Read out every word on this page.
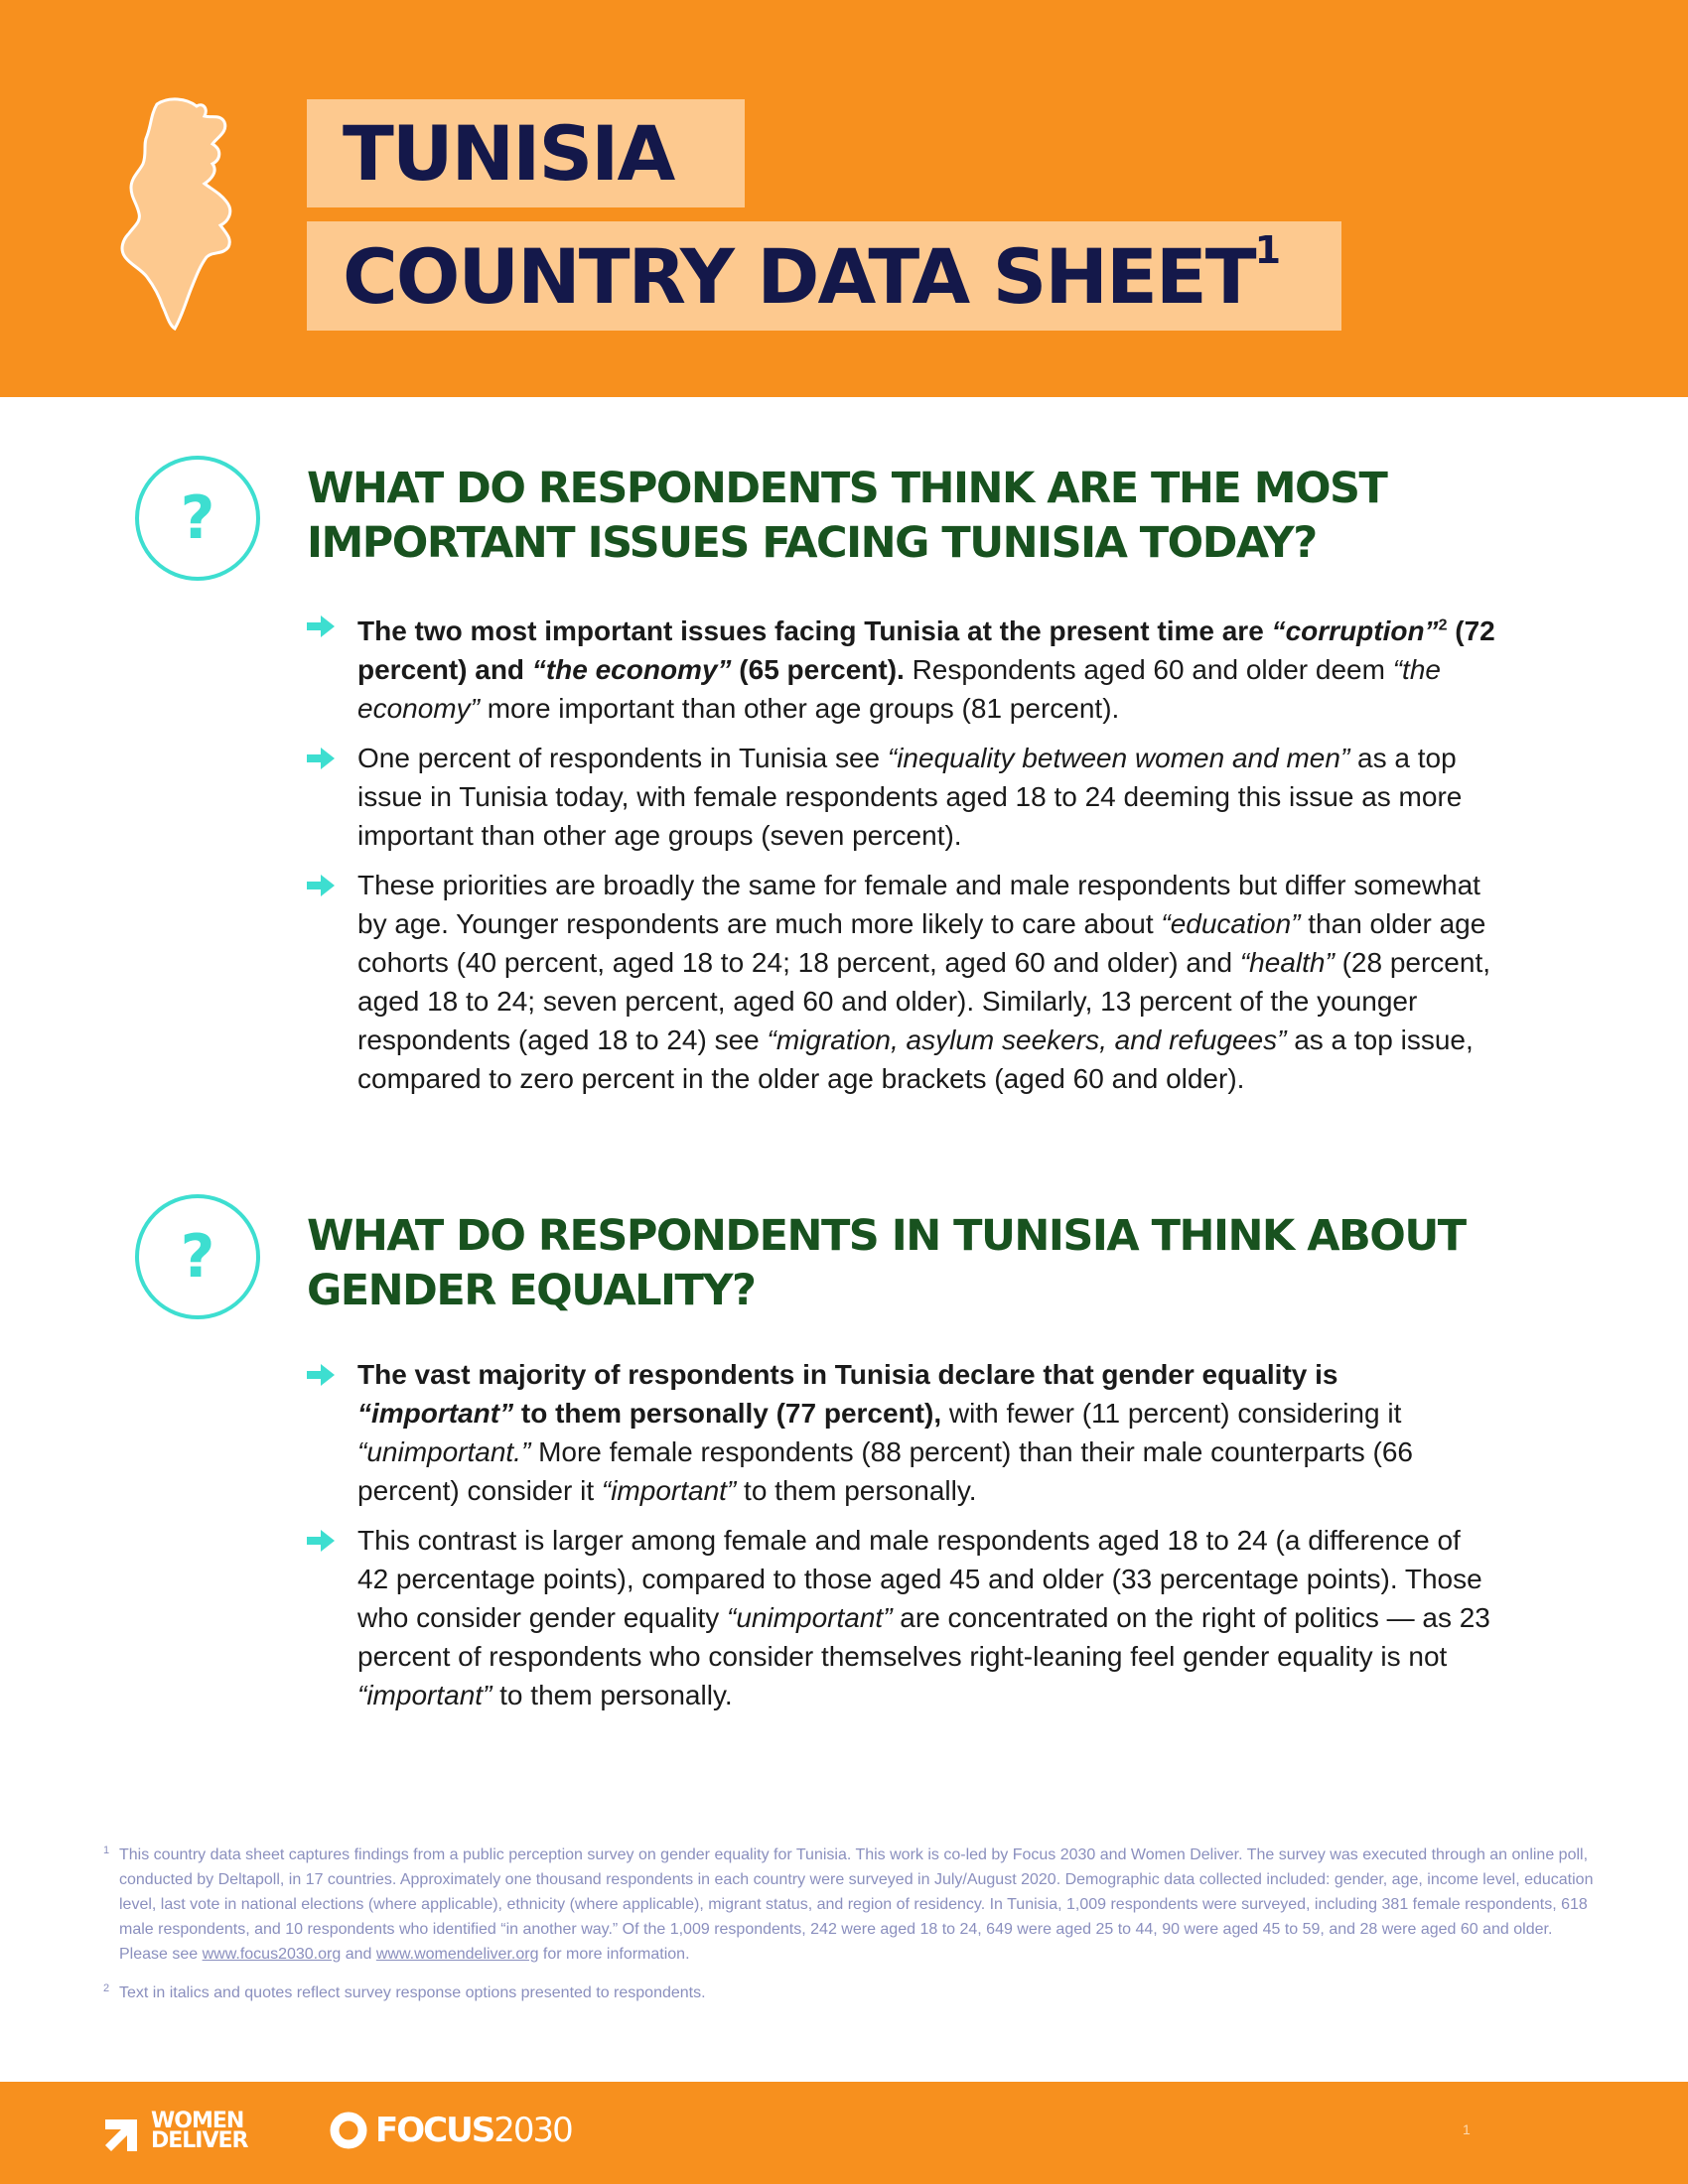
TUNISIA
COUNTRY DATA SHEET$^1$
? WHAT DO RESPONDENTS THINK ARE THE MOST
IMPORTANT ISSUES FACING TUNISIA TODAY?
The two most important issues facing Tunisia at the present time are “corruption”$^2$ (72 percent) and “the economy” (65 percent). Respondents aged 60 and older deem “the economy” more important than other age groups (81 percent).
One percent of respondents in Tunisia see “inequality between women and men” as a top issue in Tunisia today, with female respondents aged 18 to 24 deeming this issue as more important than other age groups (seven percent).
These priorities are broadly the same for female and male respondents but differ somewhat by age. Younger respondents are much more likely to care about “education” than older age cohorts (40 percent, aged 18 to 24; 18 percent, aged 60 and older) and “health” (28 percent, aged 18 to 24; seven percent, aged 60 and older). Similarly, 13 percent of the younger respondents (aged 18 to 24) see “migration, asylum seekers, and refugees” as a top issue, compared to zero percent in the older age brackets (aged 60 and older).
? WHAT DO RESPONDENTS IN TUNISIA THINK ABOUT
GENDER EQUALITY?
The vast majority of respondents in Tunisia declare that gender equality is “important” to them personally (77 percent), with fewer (11 percent) considering it “unimportant.” More female respondents (88 percent) than their male counterparts (66 percent) consider it “important” to them personally.
This contrast is larger among female and male respondents aged 18 to 24 (a difference of 42 percentage points), compared to those aged 45 and older (33 percentage points). Those who consider gender equality “unimportant” are concentrated on the right of politics — as 23 percent of respondents who consider themselves right-leaning feel gender equality is not “important” to them personally.
1 This country data sheet captures findings from a public perception survey on gender equality for Tunisia. This work is co-led by Focus 2030 and Women Deliver. The survey was executed through an online poll, conducted by Deltapoll, in 17 countries. Approximately one thousand respondents in each country were surveyed in July/August 2020. Demographic data collected included: gender, age, income level, education level, last vote in national elections (where applicable), ethnicity (where applicable), migrant status, and region of residency. In Tunisia, 1,009 respondents were surveyed, including 381 female respondents, 618 male respondents, and 10 respondents who identified “in another way.” Of the 1,009 respondents, 242 were aged 18 to 24, 649 were aged 25 to 44, 90 were aged 45 to 59, and 28 were aged 60 and older. Please see www.focus2030.org and www.womendeliver.org for more information.
2 Text in italics and quotes reflect survey response options presented to respondents.
WOMEN
DELIVER	FOCUS2030	1
